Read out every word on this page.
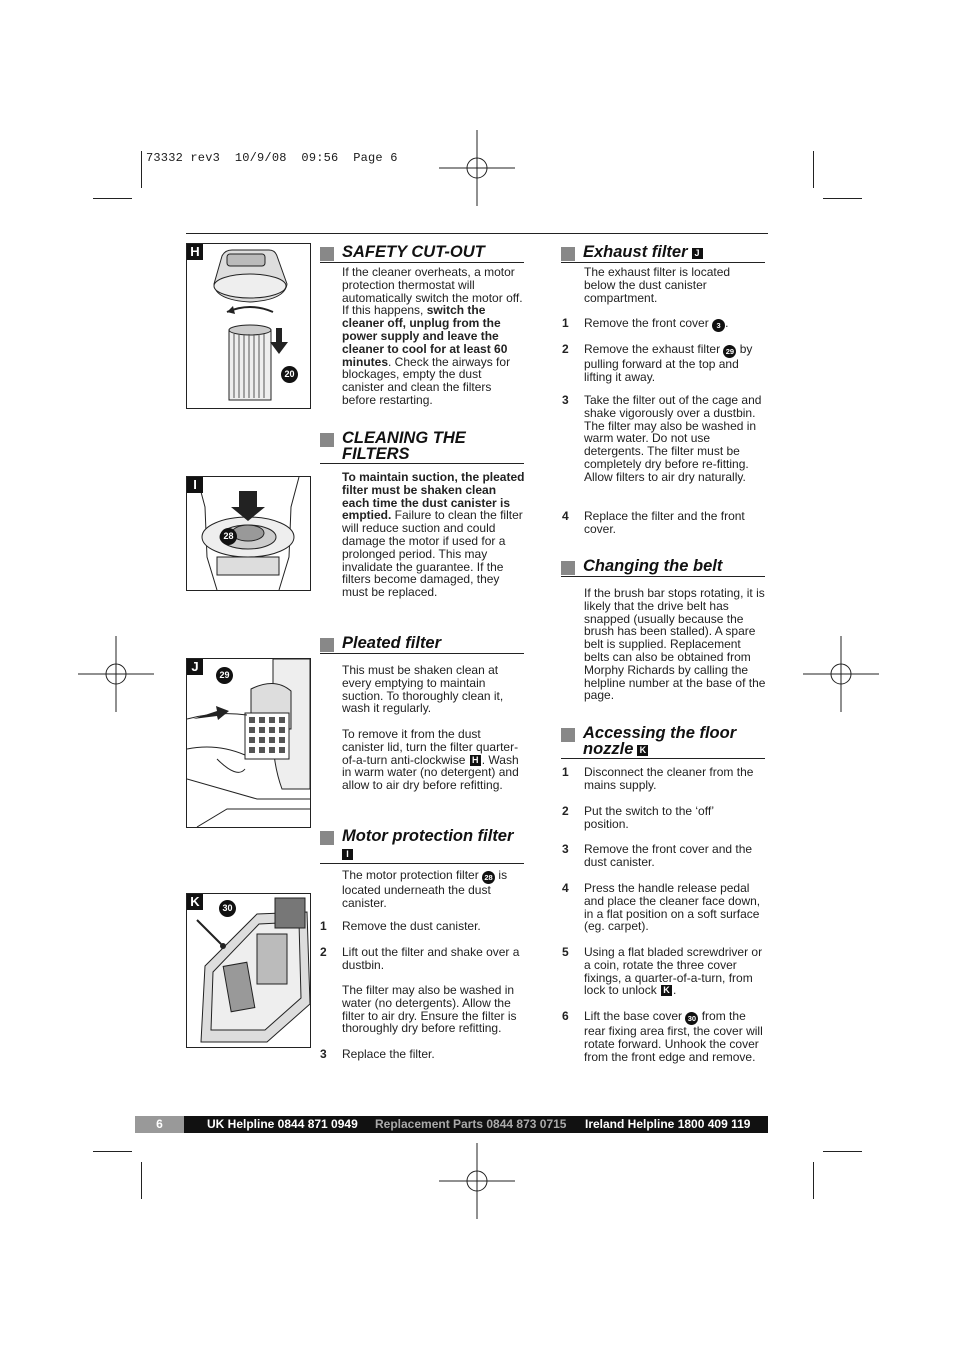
73332 rev3  10/9/08  09:56  Page 6
H
20
I
28
J
29
K	30
SAFETY CUT-OUT
If the cleaner overheats, a motor protection thermostat will automatically switch the motor off. If this happens, switch the cleaner off, unplug from the power supply and leave the cleaner to cool for at least 60 minutes. Check the airways for blockages, empty the dust canister and clean the filters before restarting.
CLEANING THE FILTERS
To maintain suction, the pleated filter must be shaken clean each time the dust canister is emptied. Failure to clean the filter will reduce suction and could damage the motor if used for a prolonged period. This may invalidate the guarantee. If the filters become damaged, they must be replaced.
Pleated filter
This must be shaken clean at every emptying to maintain suction. To thoroughly clean it, wash it regularly.
To remove it from the dust canister lid, turn the filter quarter-of-a-turn anti-clockwise H . Wash in warm water (no detergent) and allow to air dry before refitting.
Motor protection filter
I
The motor protection filter 28 is located underneath the dust canister.
1 Remove the dust canister.
2 Lift out the filter and shake over a dustbin.
The filter may also be washed in water (no detergents). Allow the filter to air dry. Ensure the filter is thoroughly dry before refitting.
3 Replace the filter.
Exhaust filter J
The exhaust filter is located below the dust canister compartment.
1 Remove the front cover 3 .
2 Remove the exhaust filter 29 by pulling forward at the top and lifting it away.
3 Take the filter out of the cage and shake vigorously over a dustbin. The filter may also be washed in warm water. Do not use detergents. The filter must be completely dry before re-fitting. Allow filters to air dry naturally.
4 Replace the filter and the front cover.
Changing the belt
If the brush bar stops rotating, it is likely that the drive belt has snapped (usually because the brush has been stalled). A spare belt is supplied. Replacement belts can also be obtained from Morphy Richards by calling the helpline number at the base of the page.
Accessing the floor nozzle K
1 Disconnect the cleaner from the mains supply.
2 Put the switch to the ‘off’ position.
3 Remove the front cover and the dust canister.
4 Press the handle release pedal and place the cleaner face down, in a flat position on a soft surface (eg. carpet).
5 Using a flat bladed screwdriver or a coin, rotate the three cover fixings, a quarter-of-a-turn, from lock to unlock K .
6 Lift the base cover 30 from the rear fixing area first, the cover will rotate forward. Unhook the cover from the front edge and remove.
6	UK Helpline 0844 871 0949 Replacement Parts 0844 873 0715 Ireland Helpline 1800 409 119
